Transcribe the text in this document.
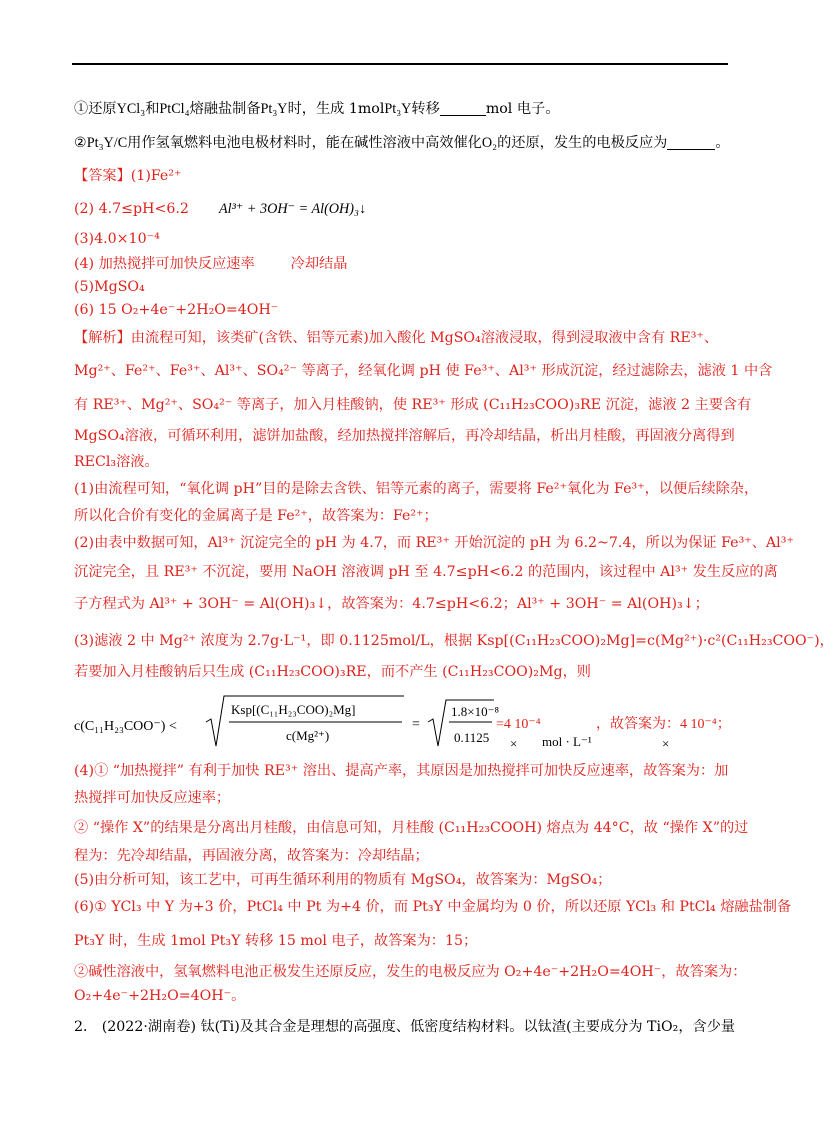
①还原YCl₃和PtCl₄熔融盐制备Pt₃Y时，生成 1molPt₃Y转移	mol 电子。
②Pt₃Y/C用作氢氧燃料电池电极材料时，能在碱性溶液中高效催化O₂的还原，发生的电极反应为	。
【答案】(1)Fe²⁺
(2) 4.7≤pH<6.2 Al³⁺ + 3OH⁻ = Al(OH)₃↓
(3)4.0×10⁻⁴
(4) 加热搅拌可加快反应速率	冷却结晶
(5)MgSO₄
(6) 15 O₂+4e⁻+2H₂O=4OH⁻
【解析】由流程可知，该类矿(含铁、铝等元素)加入酸化 MgSO₄溶液浸取，得到浸取液中含有 RE³⁺、
Mg²⁺、Fe²⁺、Fe³⁺、Al³⁺、SO₄²⁻ 等离子，经氧化调 pH 使 Fe³⁺、Al³⁺ 形成沉淀，经过滤除去，滤液 1 中含
有 RE³⁺、Mg²⁺、SO₄²⁻ 等离子，加入月桂酸钠，使 RE³⁺ 形成 (C₁₁H₂₃COO)₃RE 沉淀，滤液 2 主要含有
MgSO₄溶液，可循环利用，滤饼加盐酸，经加热搅拌溶解后，再冷却结晶，析出月桂酸，再固液分离得到
RECl₃溶液。
(1)由流程可知，“氧化调 pH”目的是除去含铁、铝等元素的离子，需要将 Fe²⁺氧化为 Fe³⁺，以便后续除杂，
所以化合价有变化的金属离子是 Fe²⁺，故答案为：Fe²⁺；
(2)由表中数据可知，Al³⁺ 沉淀完全的 pH 为 4.7，而 RE³⁺ 开始沉淀的 pH 为 6.2~7.4，所以为保证 Fe³⁺、Al³⁺
沉淀完全，且 RE³⁺ 不沉淀，要用 NaOH 溶液调 pH 至 4.7≤pH<6.2 的范围内，该过程中 Al³⁺ 发生反应的离
子方程式为 Al³⁺ + 3OH⁻ = Al(OH)₃↓，故答案为：4.7≤pH<6.2；Al³⁺ + 3OH⁻ = Al(OH)₃↓；
(3)滤液 2 中 Mg²⁺ 浓度为 2.7g·L⁻¹，即 0.1125mol/L，根据 Ksp[(C₁₁H₂₃COO)₂Mg]=c(Mg²⁺)·c²(C₁₁H₂₃COO⁻)，
若要加入月桂酸钠后只生成 (C₁₁H₂₃COO)₃RE，而不产生 (C₁₁H₂₃COO)₂Mg，则
c(C₁₁H₂₃COO⁻) <
Ksp[(C₁₁H₂₃COO)₂Mg]
c(Mg²⁺)
=
1.8×10⁻⁸
0.1125
=4 10⁻⁴
× mol · L⁻¹
，故答案为：4 10⁻⁴；
×
(4)① “加热搅拌” 有利于加快 RE³⁺ 溶出、提高产率，其原因是加热搅拌可加快反应速率，故答案为：加
热搅拌可加快反应速率；
② “操作 X”的结果是分离出月桂酸，由信息可知，月桂酸 (C₁₁H₂₃COOH) 熔点为 44°C，故 “操作 X”的过
程为：先冷却结晶，再固液分离，故答案为：冷却结晶；
(5)由分析可知，该工艺中，可再生循环利用的物质有 MgSO₄，故答案为：MgSO₄；
(6)① YCl₃ 中 Y 为+3 价，PtCl₄ 中 Pt 为+4 价，而 Pt₃Y 中金属均为 0 价，所以还原 YCl₃ 和 PtCl₄ 熔融盐制备
Pt₃Y 时，生成 1mol Pt₃Y 转移 15 mol 电子，故答案为：15；
②碱性溶液中，氢氧燃料电池正极发生还原反应，发生的电极反应为 O₂+4e⁻+2H₂O=4OH⁻，故答案为：
O₂+4e⁻+2H₂O=4OH⁻。
2． (2022·湖南卷) 钛(Ti)及其合金是理想的高强度、低密度结构材料。以钛渣(主要成分为 TiO₂，含少量
